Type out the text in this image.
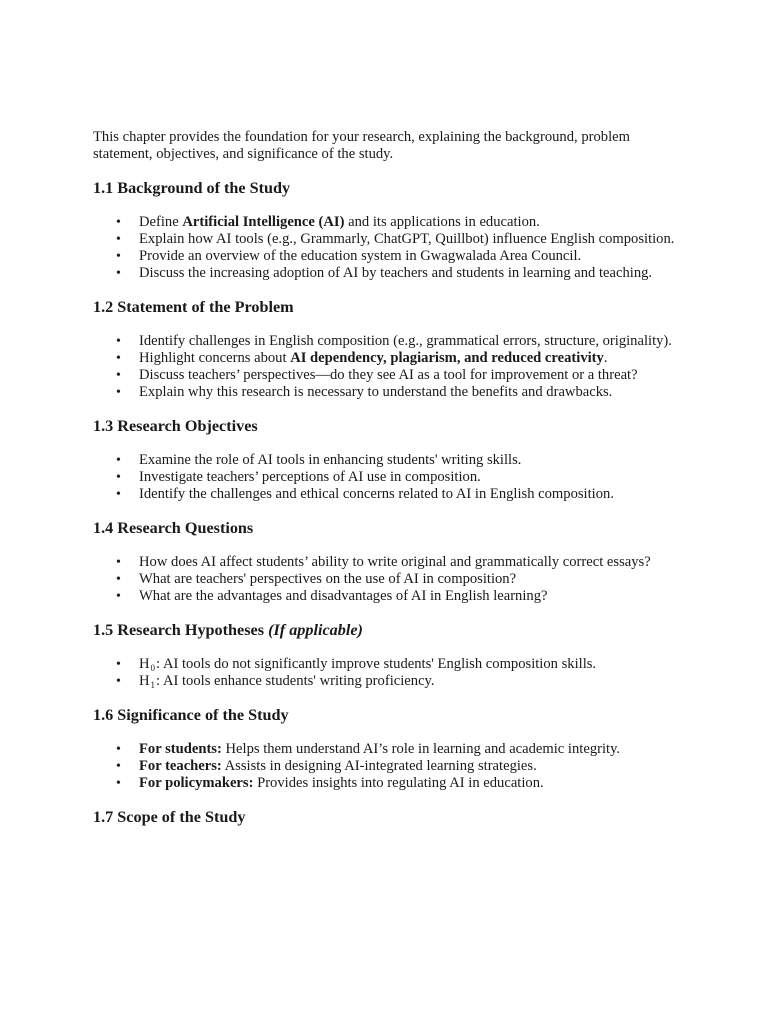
This chapter provides the foundation for your research, explaining the background, problem statement, objectives, and significance of the study.

1.1 Background of the Study
• Define Artificial Intelligence (AI) and its applications in education.
• Explain how AI tools (e.g., Grammarly, ChatGPT, Quillbot) influence English composition.
• Provide an overview of the education system in Gwagwalada Area Council.
• Discuss the increasing adoption of AI by teachers and students in learning and teaching.
1.2 Statement of the Problem
• Identify challenges in English composition (e.g., grammatical errors, structure, originality).
• Highlight concerns about AI dependency, plagiarism, and reduced creativity.
• Discuss teachers’ perspectives—do they see AI as a tool for improvement or a threat?
• Explain why this research is necessary to understand the benefits and drawbacks.
1.3 Research Objectives
• Examine the role of AI tools in enhancing students' writing skills.
• Investigate teachers’ perceptions of AI use in composition.
• Identify the challenges and ethical concerns related to AI in English composition.
1.4 Research Questions
• How does AI affect students’ ability to write original and grammatically correct essays?
• What are teachers' perspectives on the use of AI in composition?
• What are the advantages and disadvantages of AI in English learning?
1.5 Research Hypotheses (If applicable)
• $H_0$: AI tools do not significantly improve students' English composition skills.
• $H_1$: AI tools enhance students' writing proficiency.
1.6 Significance of the Study
• For students: Helps them understand AI’s role in learning and academic integrity.
• For teachers: Assists in designing AI-integrated learning strategies.
• For policymakers: Provides insights into regulating AI in education.
1.7 Scope of the Study
